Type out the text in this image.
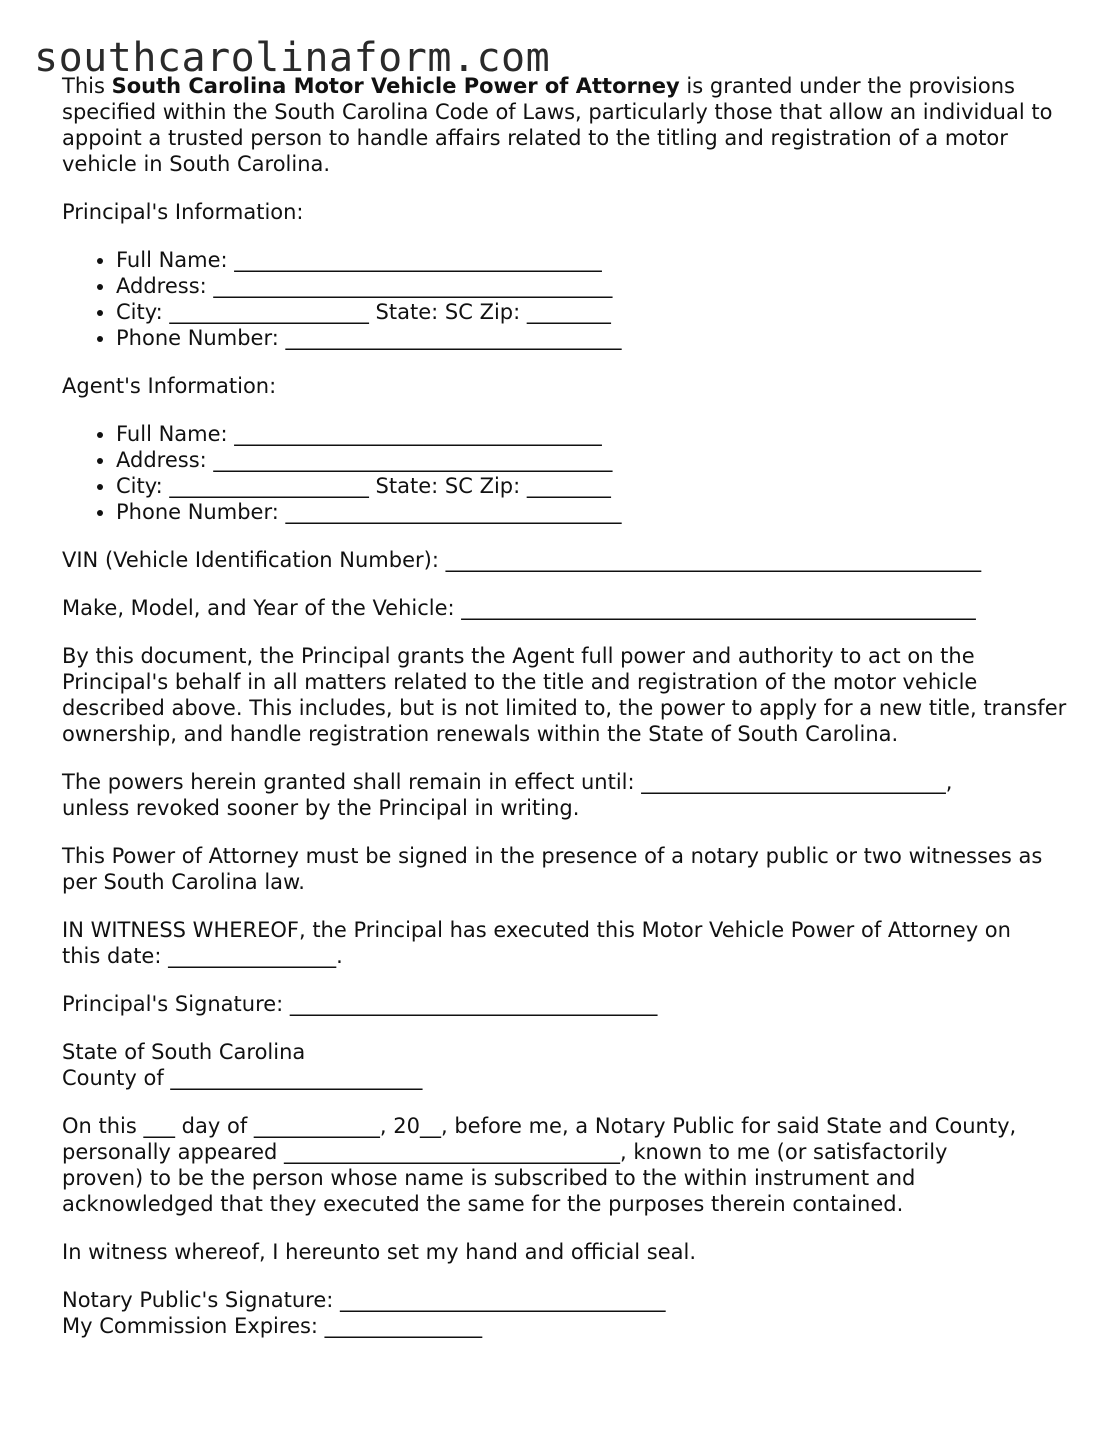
southcarolinaform.com

This South Carolina Motor Vehicle Power of Attorney is granted under the provisions specified within the South Carolina Code of Laws, particularly those that allow an individual to appoint a trusted person to handle affairs related to the titling and registration of a motor vehicle in South Carolina.

Principal's Information:

• Full Name: ___________________________________
• Address: ______________________________________
• City: ___________________ State: SC Zip: ________
• Phone Number: ________________________________

Agent's Information:

• Full Name: ___________________________________
• Address: ______________________________________
• City: ___________________ State: SC Zip: ________
• Phone Number: ________________________________

VIN (Vehicle Identification Number): ___________________________________________________

Make, Model, and Year of the Vehicle: _________________________________________________

By this document, the Principal grants the Agent full power and authority to act on the Principal's behalf in all matters related to the title and registration of the motor vehicle described above. This includes, but is not limited to, the power to apply for a new title, transfer ownership, and handle registration renewals within the State of South Carolina.

The powers herein granted shall remain in effect until: _____________________________,
unless revoked sooner by the Principal in writing.

This Power of Attorney must be signed in the presence of a notary public or two witnesses as per South Carolina law.

IN WITNESS WHEREOF, the Principal has executed this Motor Vehicle Power of Attorney on
this date: ________________.

Principal's Signature: ___________________________________

State of South Carolina
County of ________________________

On this ___ day of ____________, 20__, before me, a Notary Public for said State and County,
personally appeared ________________________________, known to me (or satisfactorily
proven) to be the person whose name is subscribed to the within instrument and
acknowledged that they executed the same for the purposes therein contained.

In witness whereof, I hereunto set my hand and official seal.

Notary Public's Signature: _______________________________
My Commission Expires: _______________
